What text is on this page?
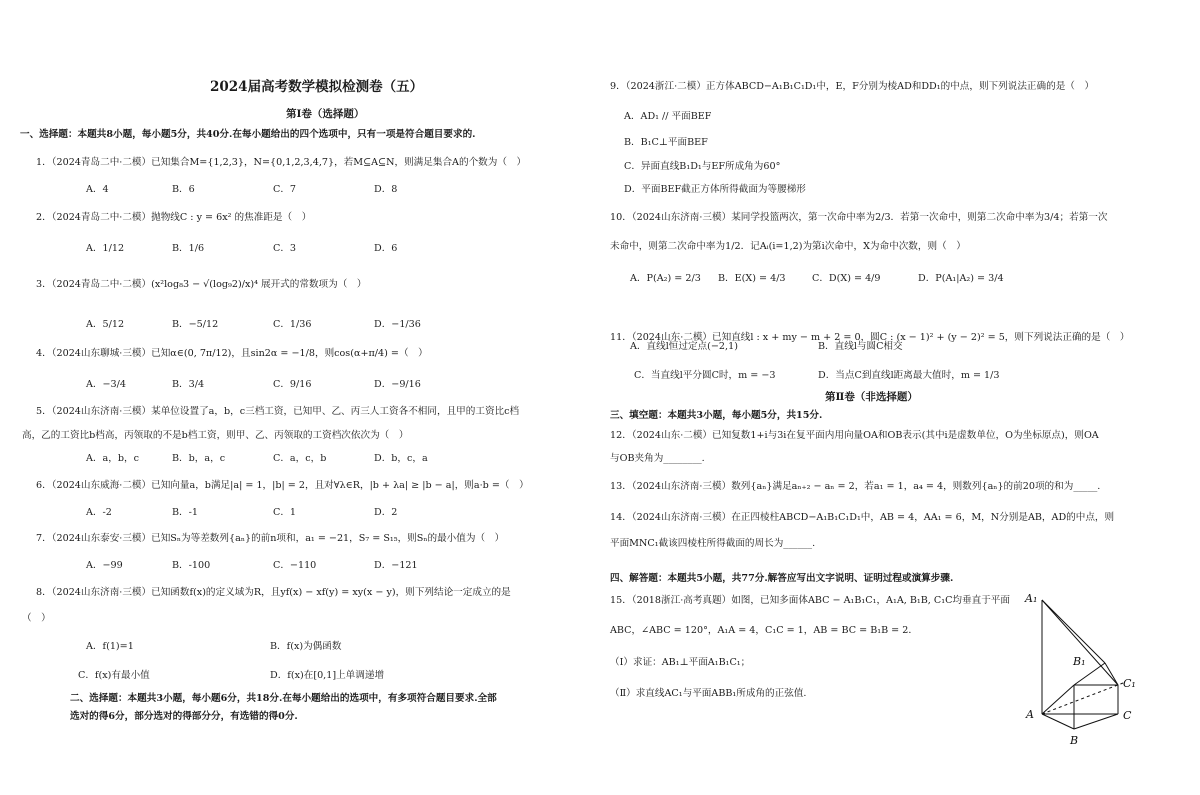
2024届高考数学模拟检测卷（五）
第Ⅰ卷（选择题）
一、选择题：本题共8小题，每小题5分，共40分.在每小题给出的四个选项中，只有一项是符合题目要求的.
1．（2024青岛二中·二模）已知集合M={1,2,3}，N={0,1,2,3,4,7}，若M⊆A⊆N，则满足集合A的个数为（　）
A．4	B．6	C．7	D．8
2．（2024青岛二中·二模）抛物线C : y = 6x² 的焦准距是（　）
A．1/12	B．1/6	C．3	D．6
3．（2024青岛二中·二模）(x²log₈3 − √(log₉2)/x)⁴ 展开式的常数项为（　）
A．5/12	B．−5/12	C．1/36	D．−1/36
4．（2024山东聊城·三模）已知α∈(0, 7π/12)，且sin2α = −1/8，则cos(α+π/4) =（　）
A．−3/4	B．3/4	C．9/16	D．−9/16
5．（2024山东济南·三模）某单位设置了a，b，c三档工资，已知甲、乙、丙三人工资各不相同，且甲的工资比c档
高，乙的工资比b档高，丙领取的不是b档工资，则甲、乙、丙领取的工资档次依次为（　）
A．a，b，c	B．b，a，c	C．a，c，b	D．b，c，a
6．（2024山东威海·二模）已知向量a，b满足|a| = 1，|b| = 2，且对∀λ∈R，|b + λa| ≥ |b − a|，则a·b =（　）
A．-2	B．-1	C．1	D．2
7．（2024山东泰安·三模）已知Sₙ为等差数列{aₙ}的前n项和，a₁ = −21，S₇ = S₁₅，则Sₙ的最小值为（　）
A．−99	B．-100	C．−110	D．−121
8．（2024山东济南·三模）已知函数f(x)的定义域为R，且yf(x) − xf(y) = xy(x − y)，则下列结论一定成立的是
（　）
A．f(1)=1	B．f(x)为偶函数
C．f(x)有最小值	D．f(x)在[0,1]上单调递增
二、选择题：本题共3小题，每小题6分，共18分.在每小题给出的选项中，有多项符合题目要求.全部
选对的得6分，部分选对的得部分分，有选错的得0分.
9．（2024浙江·二模）正方体ABCD−A₁B₁C₁D₁中，E，F分别为棱AD和DD₁的中点，则下列说法正确的是（　）
A．AD₁ // 平面BEF
B．B₁C⊥平面BEF
C．异面直线B₁D₁与EF所成角为60°
D．平面BEF截正方体所得截面为等腰梯形
10．（2024山东济南·三模）某同学投篮两次，第一次命中率为2/3．若第一次命中，则第二次命中率为3/4；若第一次
未命中，则第二次命中率为1/2．记Aᵢ(i=1,2)为第i次命中，X为命中次数，则（　）
A．P(A₂) = 2/3 B．E(X) = 4/3	C．D(X) = 4/9	D．P(A₁|A₂) = 3/4
11．（2024山东·二模）已知直线l : x + my − m + 2 = 0，圆C : (x − 1)² + (y − 2)² = 5，则下列说法正确的是（　）
A．直线l恒过定点(−2,1)	B．直线l与圆C相交
C．当直线l平分圆C时，m = −3	D．当点C到直线l距离最大值时，m = 1/3
第Ⅱ卷（非选择题）
三、填空题：本题共3小题，每小题5分，共15分.
12．（2024山东·二模）已知复数1+i与3i在复平面内用向量OA和OB表示(其中i是虚数单位，O为坐标原点)，则OA
与OB夹角为________.
13．（2024山东济南·三模）数列{aₙ}满足aₙ₊₂ − aₙ = 2，若a₁ = 1，a₄ = 4，则数列{aₙ}的前20项的和为_____.
14．（2024山东济南·三模）在正四棱柱ABCD−A₁B₁C₁D₁中，AB = 4，AA₁ = 6，M，N分别是AB，AD的中点，则
平面MNC₁截该四棱柱所得截面的周长为______.
四、解答题：本题共5小题，共77分.解答应写出文字说明、证明过程或演算步骤.
15．（2018浙江·高考真题）如图，已知多面体ABC − A₁B₁C₁，A₁A, B₁B, C₁C均垂直于平面
ABC，∠ABC = 120°，A₁A = 4，C₁C = 1，AB = BC = B₁B = 2．
（Ⅰ）求证：AB₁⊥平面A₁B₁C₁；
（Ⅱ）求直线AC₁与平面ABB₁所成角的正弦值.
A₁
B₁
C₁
A
B
C
